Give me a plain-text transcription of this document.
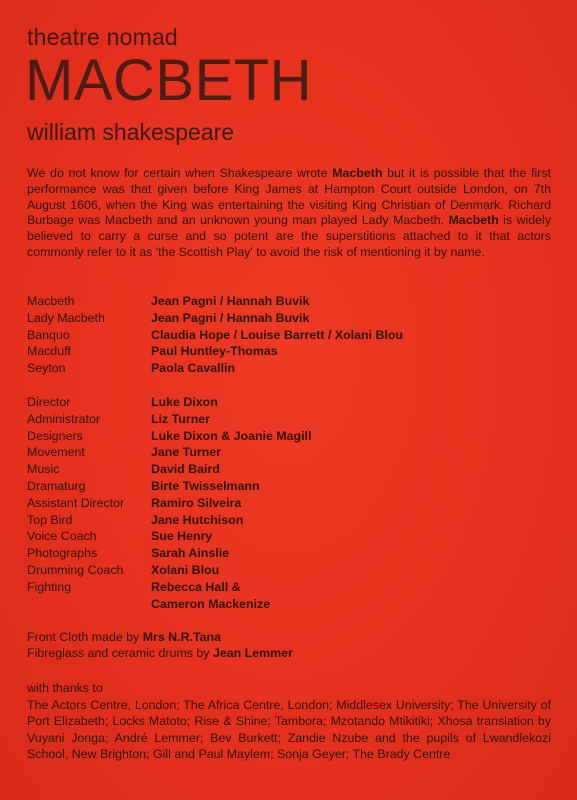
theatre nomad
MACBETH
william shakespeare
We do not know for certain when Shakespeare wrote Macbeth but it is possible that the first performance was that given before King James at Hampton Court outside London, on 7th August 1606, when the King was entertaining the visiting King Christian of Denmark. Richard Burbage was Macbeth and an unknown young man played Lady Macbeth. Macbeth is widely believed to carry a curse and so potent are the superstitions attached to it that actors commonly refer to it as 'the Scottish Play' to avoid the risk of mentioning it by name.
Macbeth	Jean Pagni / Hannah Buvik
Lady Macbeth	Jean Pagni / Hannah Buvik
Banquo	Claudia Hope / Louise Barrett / Xolani Blou
Macduff	Paul Huntley-Thomas
Seyton	Paola Cavallin
Director	Luke Dixon
Administrator	Liz Turner
Designers	Luke Dixon & Joanie Magill
Movement	Jane Turner
Music	David Baird
Dramaturg	Birte Twisselmann
Assistant Director	Ramiro Silveira
Top Bird	Jane Hutchison
Voice Coach	Sue Henry
Photographs	Sarah Ainslie
Drumming Coach	Xolani Blou
Fighting	Rebecca Hall &
Cameron Mackenize
Front Cloth made by Mrs N.R.Tana
Fibreglass and ceramic drums by Jean Lemmer
with thanks to
The Actors Centre, London; The Africa Centre, London; Middlesex University; The University of Port Elizabeth; Locks Matoto; Rise & Shine; Tambora; Mzotando Mtikitiki; Xhosa translation by Vuyani Jonga; André Lemmer; Bev Burkett; Zandie Nzube and the pupils of Lwandlekozi School, New Brighton; Gill and Paul Maylem; Sonja Geyer; The Brady Centre
